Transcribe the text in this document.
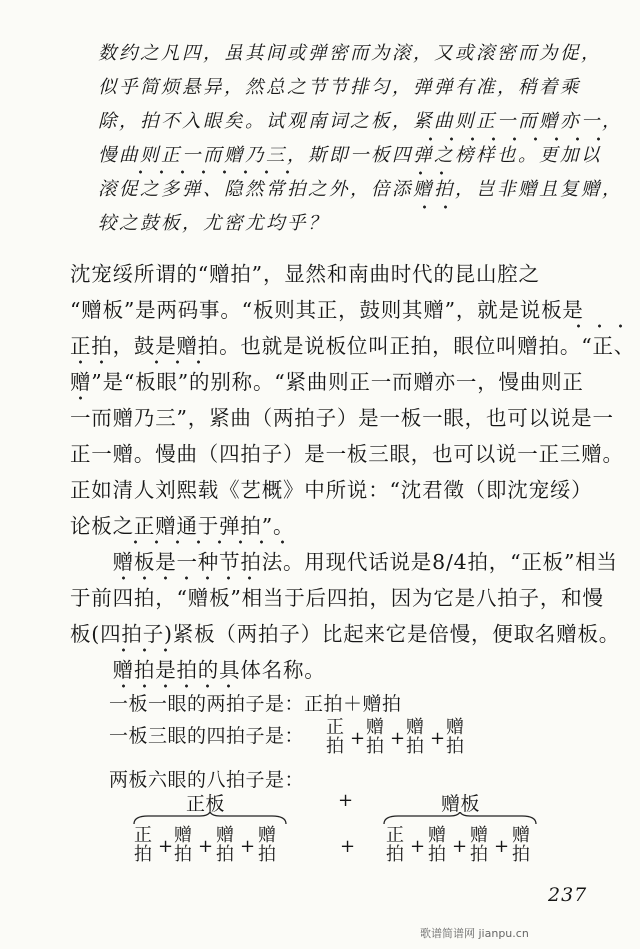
数约之凡四，虽其间或弹密而为滚，又或滚密而为促，
似乎简烦悬异，然总之节节排匀，弹弹有准，稍着乘
除，拍不入眼矣。试观南词之板，紧曲则正一而赠亦一，
慢曲则正一而赠乃三，斯即一板四弹之榜样也。更加以
滚促之多弹、隐然常拍之外，倍添赠拍，岂非赠且复赠，
较之鼓板，尤密尤均乎？
沈宠绥所谓的“赠拍”，显然和南曲时代的昆山腔之
“赠板”是两码事。“板则其正，鼓则其赠”，就是说板是
正拍，鼓是赠拍。也就是说板位叫正拍，眼位叫赠拍。“正、
赠”是“板眼”的别称。“紧曲则正一而赠亦一，慢曲则正
一而赠乃三”，紧曲（两拍子）是一板一眼，也可以说是一
正一赠。慢曲（四拍子）是一板三眼，也可以说一正三赠。
正如清人刘熙载《艺概》中所说：“沈君徵（即沈宠绥）
论板之正赠通于弹拍”。
　　赠板是一种节拍法。用现代话说是8/4拍，“正板”相当
于前四拍，“赠板”相当于后四拍，因为它是八拍子，和慢
板(四拍子)紧板（两拍子）比起来它是倍慢，便取名赠板。
　　赠拍是拍的具体名称。
　　一板一眼的两拍子是：正拍＋赠拍
　　一板三眼的四拍子是：	正
拍 +
赠
拍 +
赠
拍 +
赠
拍
　　两板六眼的八拍子是：
正板	+	赠板
正
拍 +
赠
拍 +
赠
拍 +
赠
拍	+
正
拍 +
赠
拍 +
赠
拍 +
赠
拍
237
歌谱简谱网 jianpu.cn
